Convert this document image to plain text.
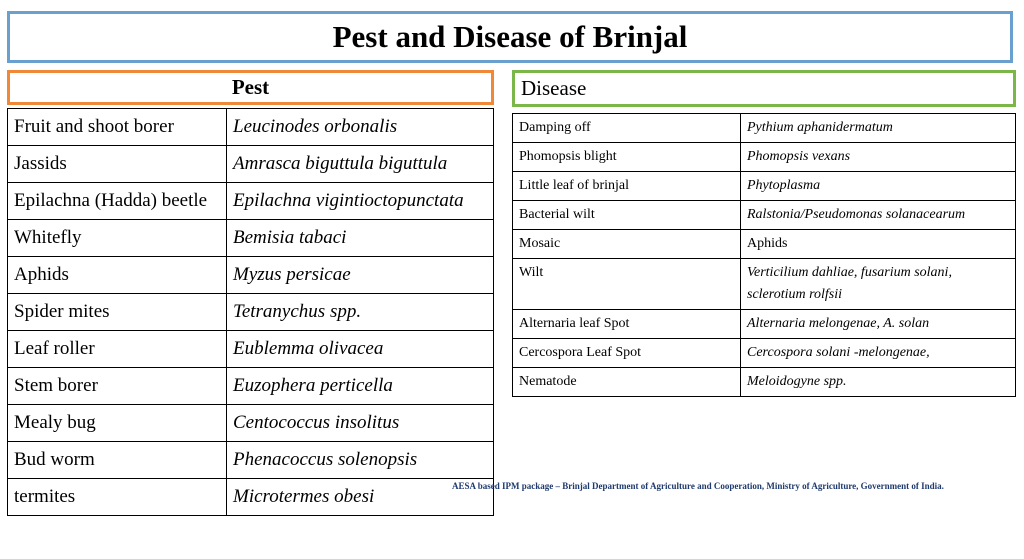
Pest and Disease of Brinjal
Pest	Disease
Fruit and shoot borer	Leucinodes orbonalis
Jassids	Amrasca biguttula biguttula
Epilachna (Hadda) beetle	Epilachna vigintioctopunctata
Whitefly	Bemisia tabaci
Aphids	Myzus persicae
Spider mites	Tetranychus spp.
Leaf roller	Eublemma olivacea
Stem borer	Euzophera perticella
Mealy bug	Centococcus insolitus
Bud worm	Phenacoccus solenopsis
termites	Microtermes obesi
Damping off	Pythium aphanidermatum
Phomopsis blight	Phomopsis vexans
Little leaf of brinjal	Phytoplasma
Bacterial wilt	Ralstonia/Pseudomonas solanacearum
Mosaic	Aphids
Wilt	Verticilium dahliae, fusarium solani, sclerotium rolfsii
Alternaria leaf Spot	Alternaria melongenae, A. solan
Cercospora Leaf Spot	Cercospora solani -melongenae,
Nematode	Meloidogyne spp.
AESA based IPM package – Brinjal Department of Agriculture and Cooperation, Ministry of Agriculture, Government of India.
